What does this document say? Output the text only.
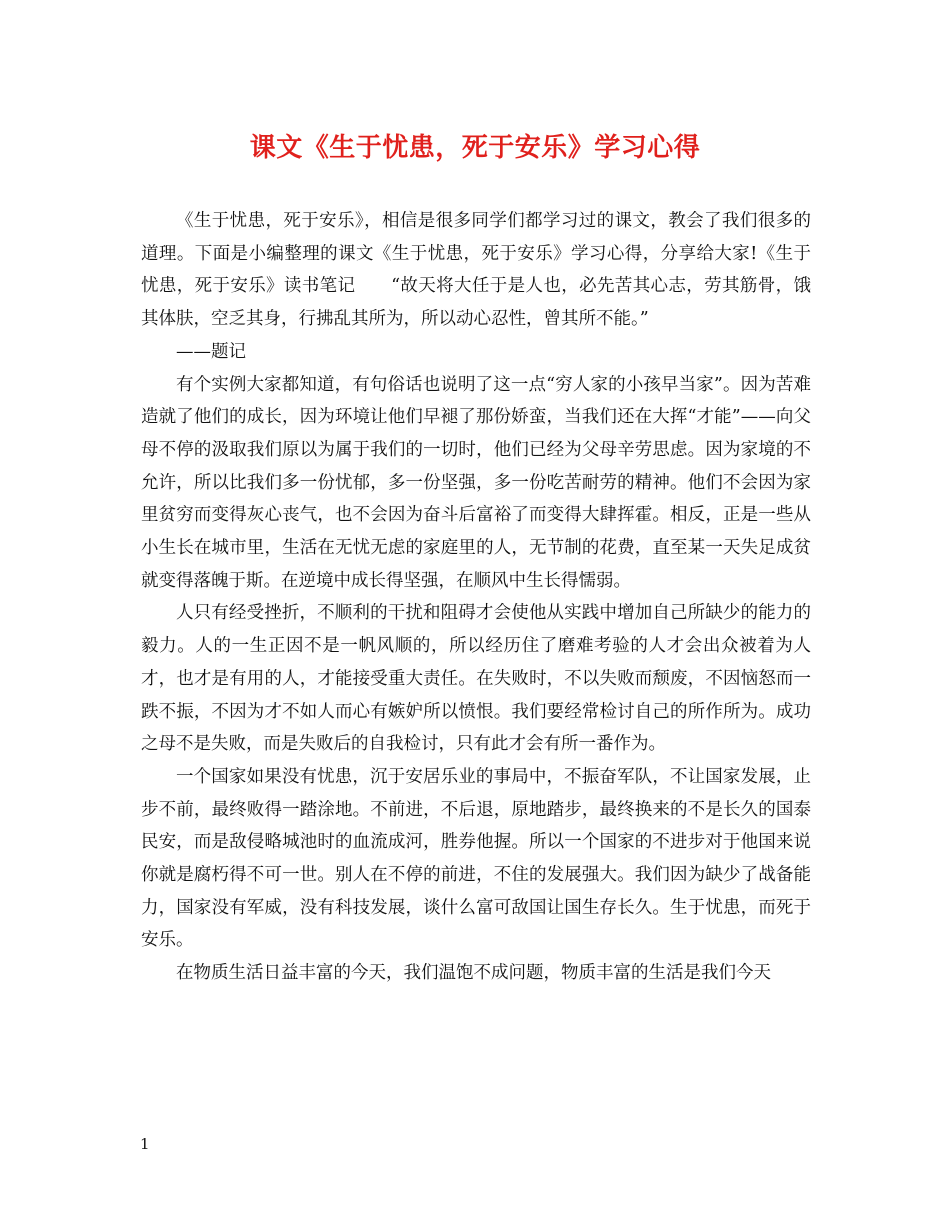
课文《生于忧患，死于安乐》学习心得

《生于忧患，死于安乐》，相信是很多同学们都学习过的课文，教会了我们很多的道理。下面是小编整理的课文《生于忧患，死于安乐》学习心得，分享给大家!《生于忧患，死于安乐》读书笔记　　“故天将大任于是人也，必先苦其心志，劳其筋骨，饿其体肤，空乏其身，行拂乱其所为，所以动心忍性，曾其所不能。”

——题记

有个实例大家都知道，有句俗话也说明了这一点“穷人家的小孩早当家”。因为苦难造就了他们的成长，因为环境让他们早褪了那份娇蛮，当我们还在大挥“才能”——向父母不停的汲取我们原以为属于我们的一切时，他们已经为父母辛劳思虑。因为家境的不允许，所以比我们多一份忧郁，多一份坚强，多一份吃苦耐劳的精神。他们不会因为家里贫穷而变得灰心丧气，也不会因为奋斗后富裕了而变得大肆挥霍。相反，正是一些从小生长在城市里，生活在无忧无虑的家庭里的人，无节制的花费，直至某一天失足成贫就变得落魄于斯。在逆境中成长得坚强，在顺风中生长得懦弱。

人只有经受挫折，不顺利的干扰和阻碍才会使他从实践中增加自己所缺少的能力的毅力。人的一生正因不是一帆风顺的，所以经历住了磨难考验的人才会出众被着为人才，也才是有用的人，才能接受重大责任。在失败时，不以失败而颓废，不因恼怒而一跌不振，不因为才不如人而心有嫉妒所以愤恨。我们要经常检讨自己的所作所为。成功之母不是失败，而是失败后的自我检讨，只有此才会有所一番作为。

一个国家如果没有忧患，沉于安居乐业的事局中，不振奋军队，不让国家发展，止步不前，最终败得一踏涂地。不前进，不后退，原地踏步，最终换来的不是长久的国泰民安，而是敌侵略城池时的血流成河，胜券他握。所以一个国家的不进步对于他国来说你就是腐朽得不可一世。别人在不停的前进，不住的发展强大。我们因为缺少了战备能力，国家没有军威，没有科技发展，谈什么富可敌国让国生存长久。生于忧患，而死于安乐。

在物质生活日益丰富的今天，我们温饱不成问题，物质丰富的生活是我们今天

1
